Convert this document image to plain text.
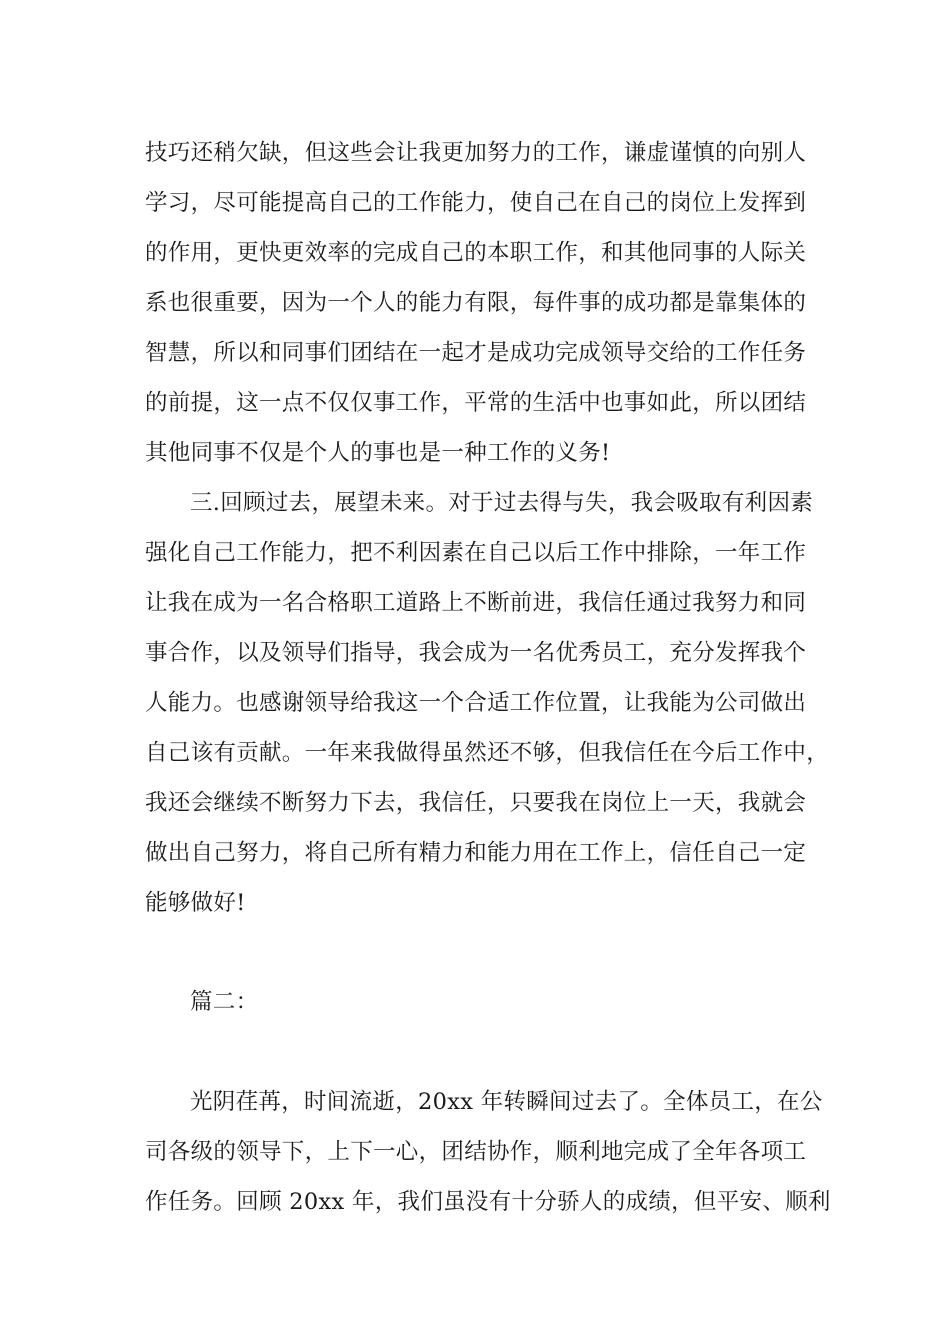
技巧还稍欠缺，但这些会让我更加努力的工作，谦虚谨慎的向别人
学习，尽可能提高自己的工作能力，使自己在自己的岗位上发挥到
的作用，更快更效率的完成自己的本职工作，和其他同事的人际关
系也很重要，因为一个人的能力有限，每件事的成功都是靠集体的
智慧，所以和同事们团结在一起才是成功完成领导交给的工作任务
的前提，这一点不仅仅事工作，平常的生活中也事如此，所以团结
其他同事不仅是个人的事也是一种工作的义务!
三.回顾过去，展望未来。对于过去得与失，我会吸取有利因素
强化自己工作能力，把不利因素在自己以后工作中排除，一年工作
让我在成为一名合格职工道路上不断前进，我信任通过我努力和同
事合作，以及领导们指导，我会成为一名优秀员工，充分发挥我个
人能力。也感谢领导给我这一个合适工作位置，让我能为公司做出
自己该有贡献。一年来我做得虽然还不够，但我信任在今后工作中，
我还会继续不断努力下去，我信任，只要我在岗位上一天，我就会
做出自己努力，将自己所有精力和能力用在工作上，信任自己一定
能够做好!
篇二：
光阴荏苒，时间流逝，20xx 年转瞬间过去了。全体员工，在公
司各级的领导下，上下一心，团结协作，顺利地完成了全年各项工
作任务。回顾 20xx 年，我们虽没有十分骄人的成绩，但平安、顺利
